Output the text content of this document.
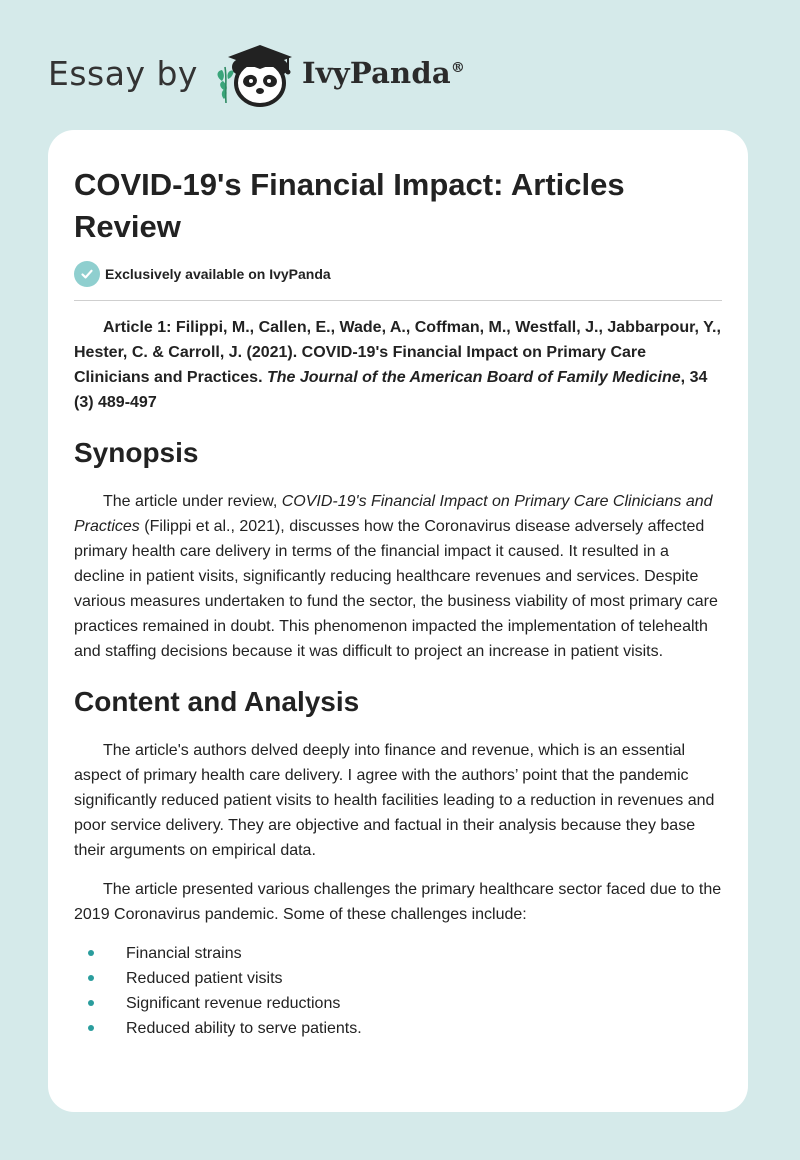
Essay by	IvyPanda®
COVID-19's Financial Impact: Articles Review
Exclusively available on IvyPanda

Article 1: Filippi, M., Callen, E., Wade, A., Coffman, M., Westfall, J., Jabbarpour, Y., Hester, C. & Carroll, J. (2021). COVID-19's Financial Impact on Primary Care Clinicians and Practices. The Journal of the American Board of Family Medicine, 34 (3) 489-497

Synopsis

The article under review, COVID-19's Financial Impact on Primary Care Clinicians and Practices (Filippi et al., 2021), discusses how the Coronavirus disease adversely affected primary health care delivery in terms of the financial impact it caused. It resulted in a decline in patient visits, significantly reducing healthcare revenues and services. Despite various measures undertaken to fund the sector, the business viability of most primary care practices remained in doubt. This phenomenon impacted the implementation of telehealth and staffing decisions because it was difficult to project an increase in patient visits.

Content and Analysis

The article's authors delved deeply into finance and revenue, which is an essential aspect of primary health care delivery. I agree with the authors’ point that the pandemic significantly reduced patient visits to health facilities leading to a reduction in revenues and poor service delivery. They are objective and factual in their analysis because they base their arguments on empirical data.

The article presented various challenges the primary healthcare sector faced due to the 2019 Coronavirus pandemic. Some of these challenges include:

Financial strains
Reduced patient visits
Significant revenue reductions
Reduced ability to serve patients.
